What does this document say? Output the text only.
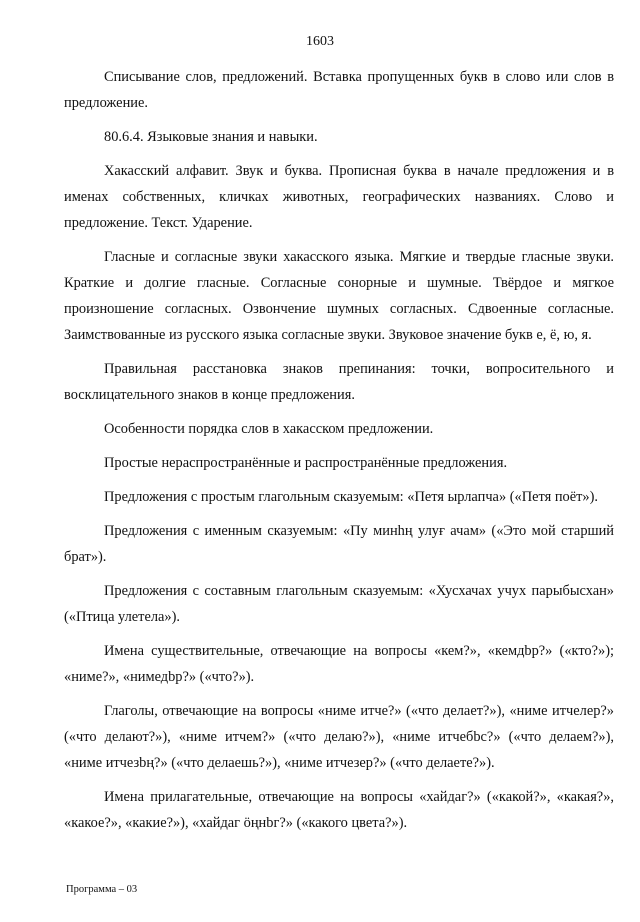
1603

Списывание слов, предложений. Вставка пропущенных букв в слово или слов в предложение.

80.6.4. Языковые знания и навыки.

Хакасский алфавит. Звук и буква. Прописная буква в начале предложения и в именах собственных, кличках животных, географических названиях. Слово и предложение. Текст. Ударение.

Гласные и согласные звуки хакасского языка. Мягкие и твердые гласные звуки. Краткие и долгие гласные. Согласные сонорные и шумные. Твёрдое и мягкое произношение согласных. Озвончение шумных согласных. Сдвоенные согласные. Заимствованные из русского языка согласные звуки. Звуковое значение букв е, ё, ю, я.

Правильная расстановка знаков препинания: точки, вопросительного и восклицательного знаков в конце предложения.

Особенности порядка слов в хакасском предложении.

Простые нераспространённые и распространённые предложения.

Предложения с простым глагольным сказуемым: «Петя ырлапча» («Петя поёт»).

Предложения с именным сказуемым: «Пу минhң улуғ ачам» («Это мой старший брат»).

Предложения с составным глагольным сказуемым: «Хусхачах учух парыбысхан» («Птица улетела»).

Имена существительные, отвечающие на вопросы «кем?», «кемдbр?» («кто?»); «ниме?», «нимедbр?» («что?»).

Глаголы, отвечающие на вопросы «ниме итче?» («что делает?»), «ниме итчелер?» («что делают?»), «ниме итчем?» («что делаю?»), «ниме итчебbс?» («что делаем?»), «ниме итчезbң?» («что делаешь?»), «ниме итчезер?» («что делаете?»).

Имена прилагательные, отвечающие на вопросы «хайдаг?» («какой?», «какая?», «какое?», «какие?»), «хайдаг öңнbг?» («какого цвета?»).

Программа – 03
